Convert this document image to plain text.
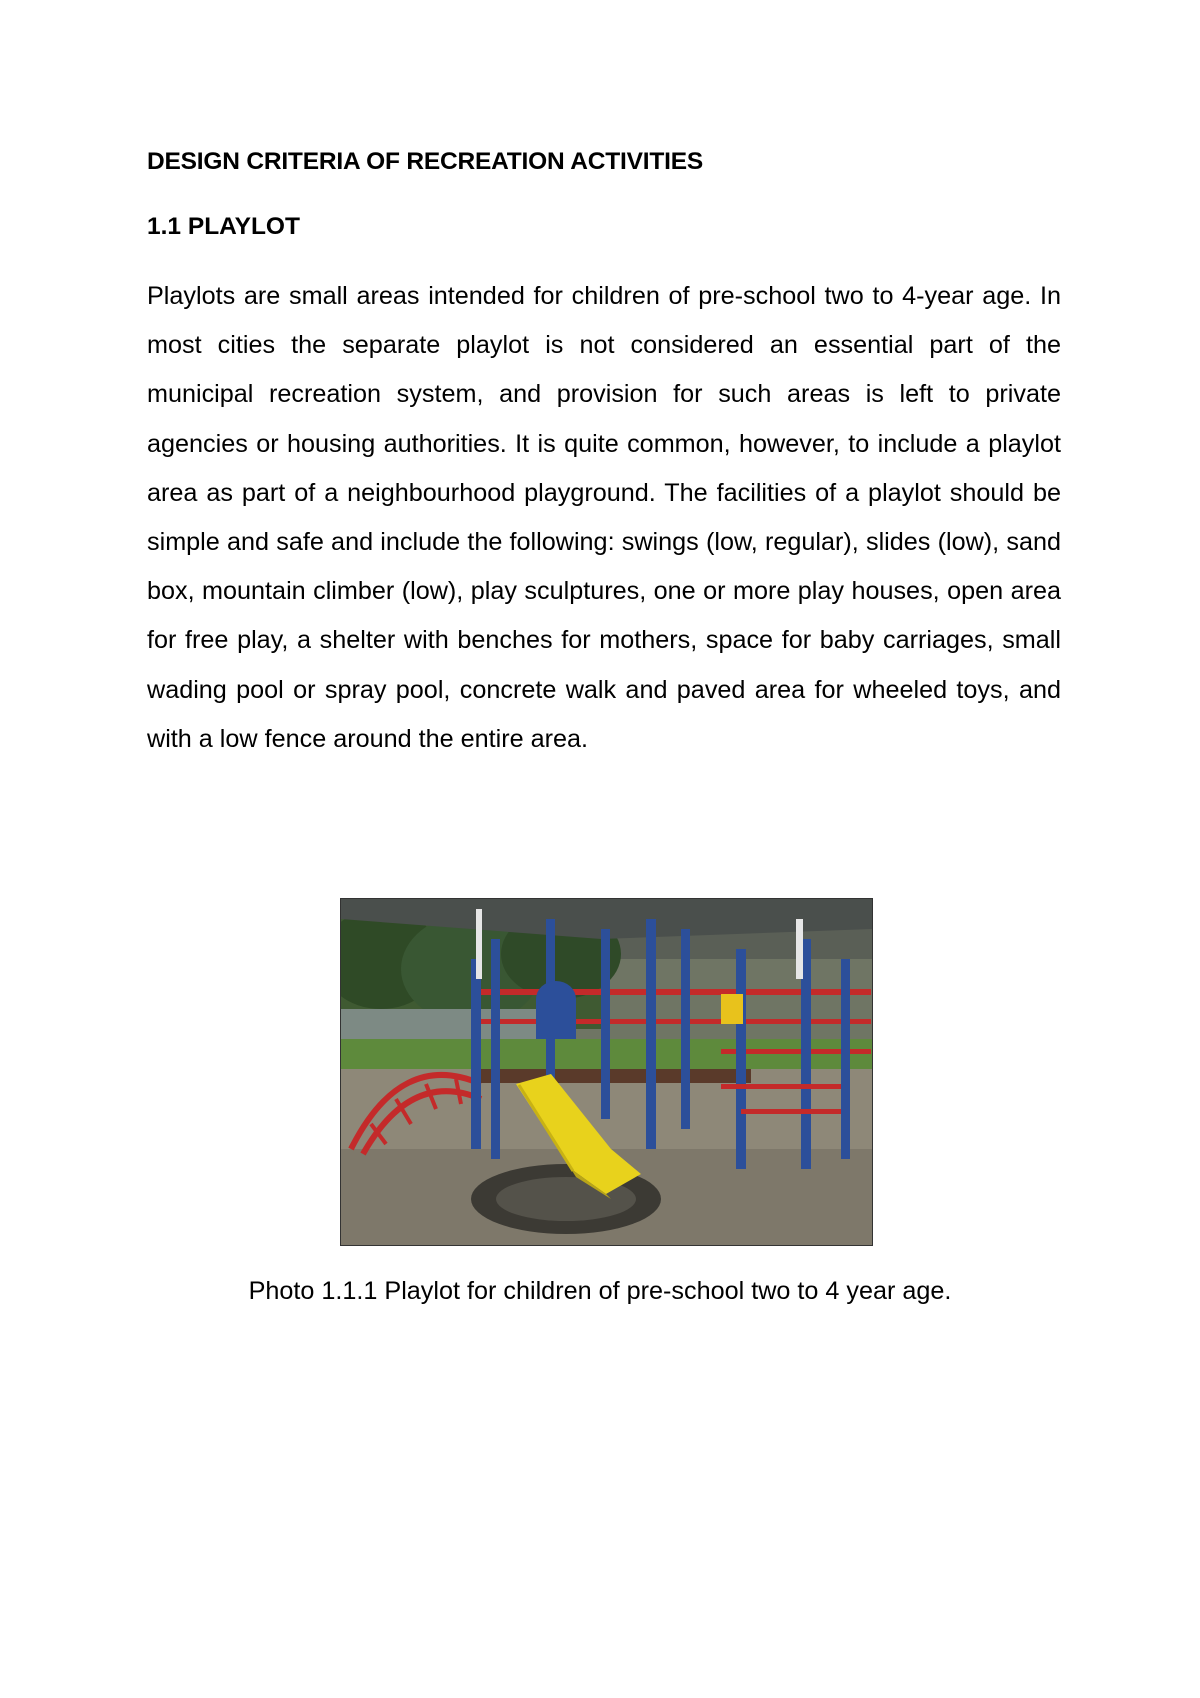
DESIGN CRITERIA OF RECREATION ACTIVITIES
1.1 PLAYLOT

Playlots are small areas intended for children of pre-school two to 4-year age. In most cities the separate playlot is not considered an essential part of the municipal recreation system, and provision for such areas is left to private agencies or housing authorities. It is quite common, however, to include a playlot area as part of a neighbourhood playground. The facilities of a playlot should be simple and safe and include the following: swings (low, regular), slides (low), sand box, mountain climber (low), play sculptures, one or more play houses, open area for free play, a shelter with benches for mothers, space for baby carriages, small wading pool or spray pool, concrete walk and paved area for wheeled toys, and with a low fence around the entire area.

Photo 1.1.1 Playlot for children of pre-school two to 4 year age.
